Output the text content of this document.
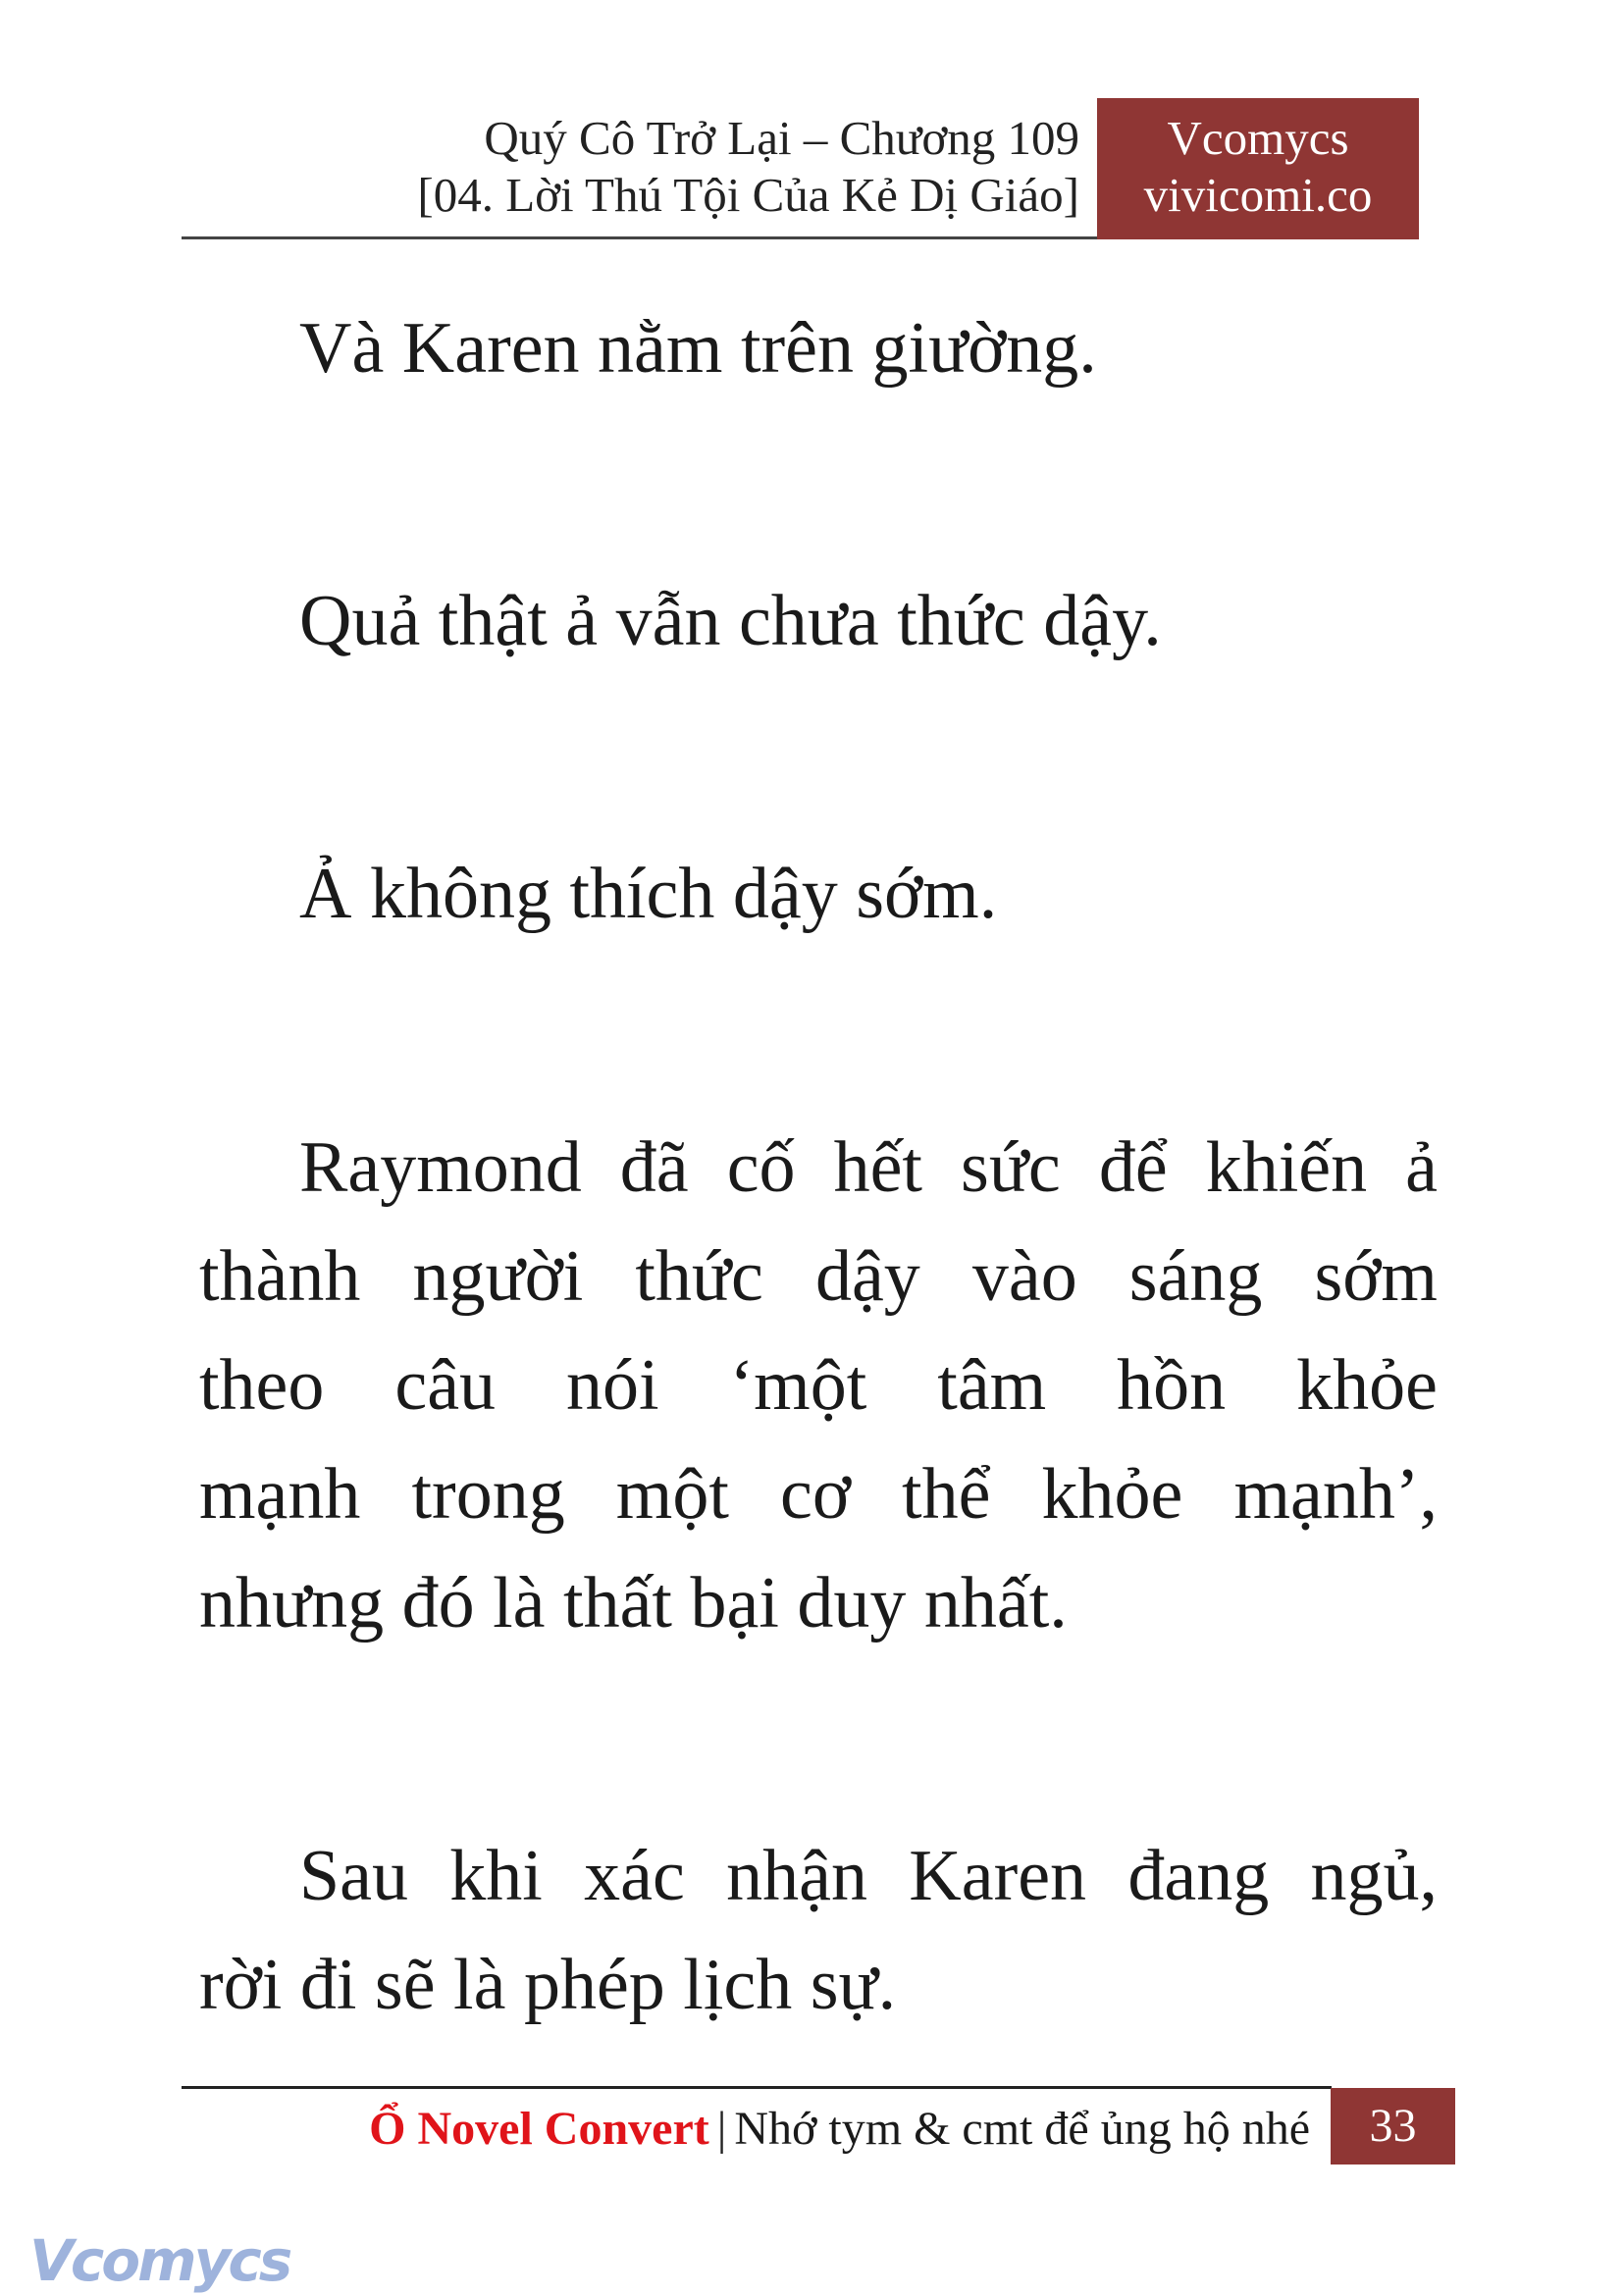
Quý Cô Trở Lại – Chương 109
[04. Lời Thú Tội Của Kẻ Dị Giáo]
Vcomycs
vivicomi.co
Và Karen nằm trên giường.
Quả thật ả vẫn chưa thức dậy.
Ả không thích dậy sớm.
Raymond đã cố hết sức để khiến ả
thành người thức dậy vào sáng sớm
theo câu nói ‘một tâm hồn khỏe
mạnh trong một cơ thể khỏe mạnh’,
nhưng đó là thất bại duy nhất.
Sau khi xác nhận Karen đang ngủ,
rời đi sẽ là phép lịch sự.
Ổ Novel Convert | Nhớ tym & cmt để ủng hộ nhé	33
Vcomycs
